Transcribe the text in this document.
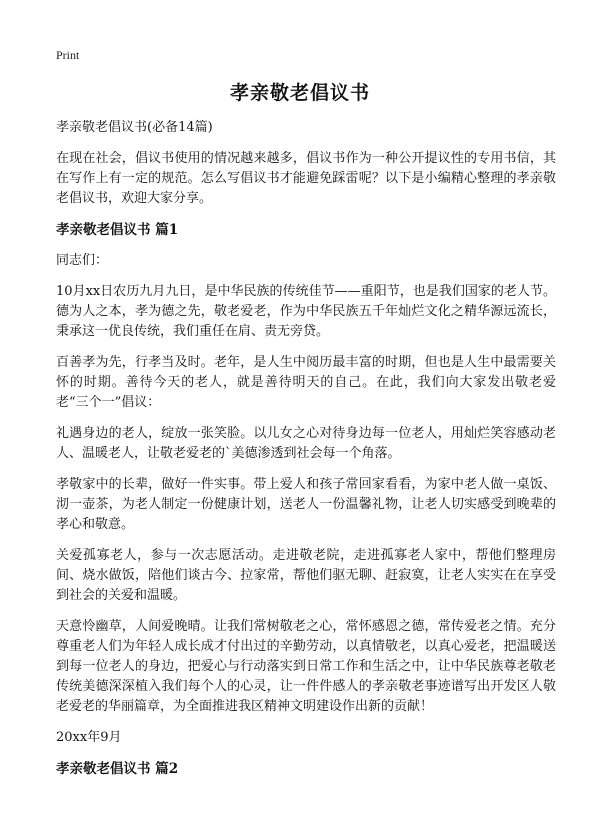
Print
孝亲敬老倡议书

孝亲敬老倡议书(必备14篇)

在现在社会，倡议书使用的情况越来越多，倡议书作为一种公开提议性的专用书信，其在写作上有一定的规范。怎么写倡议书才能避免踩雷呢？以下是小编精心整理的孝亲敬老倡议书，欢迎大家分享。

孝亲敬老倡议书 篇1

同志们：

10月xx日农历九月九日，是中华民族的传统佳节——重阳节，也是我们国家的老人节。德为人之本，孝为德之先，敬老爱老，作为中华民族五千年灿烂文化之精华源远流长，秉承这一优良传统，我们重任在肩、责无旁贷。

百善孝为先，行孝当及时。老年，是人生中阅历最丰富的时期，但也是人生中最需要关怀的时期。善待今天的老人，就是善待明天的自己。在此，我们向大家发出敬老爱老“三个一”倡议：

礼遇身边的老人，绽放一张笑脸。以儿女之心对待身边每一位老人，用灿烂笑容感动老人、温暖老人，让敬老爱老的`美德渗透到社会每一个角落。

孝敬家中的长辈，做好一件实事。带上爱人和孩子常回家看看，为家中老人做一桌饭、沏一壶茶，为老人制定一份健康计划，送老人一份温馨礼物，让老人切实感受到晚辈的孝心和敬意。

关爱孤寡老人，参与一次志愿活动。走进敬老院，走进孤寡老人家中，帮他们整理房间、烧水做饭，陪他们谈古今、拉家常，帮他们驱无聊、赶寂寞，让老人实实在在享受到社会的关爱和温暖。

天意怜幽草，人间爱晚晴。让我们常树敬老之心，常怀感恩之德，常传爱老之情。充分尊重老人们为年轻人成长成才付出过的辛勤劳动，以真情敬老，以真心爱老，把温暖送到每一位老人的身边，把爱心与行动落实到日常工作和生活之中，让中华民族尊老敬老传统美德深深植入我们每个人的心灵，让一件件感人的孝亲敬老事迹谱写出开发区人敬老爱老的华丽篇章，为全面推进我区精神文明建设作出新的贡献！

20xx年9月

孝亲敬老倡议书 篇2
